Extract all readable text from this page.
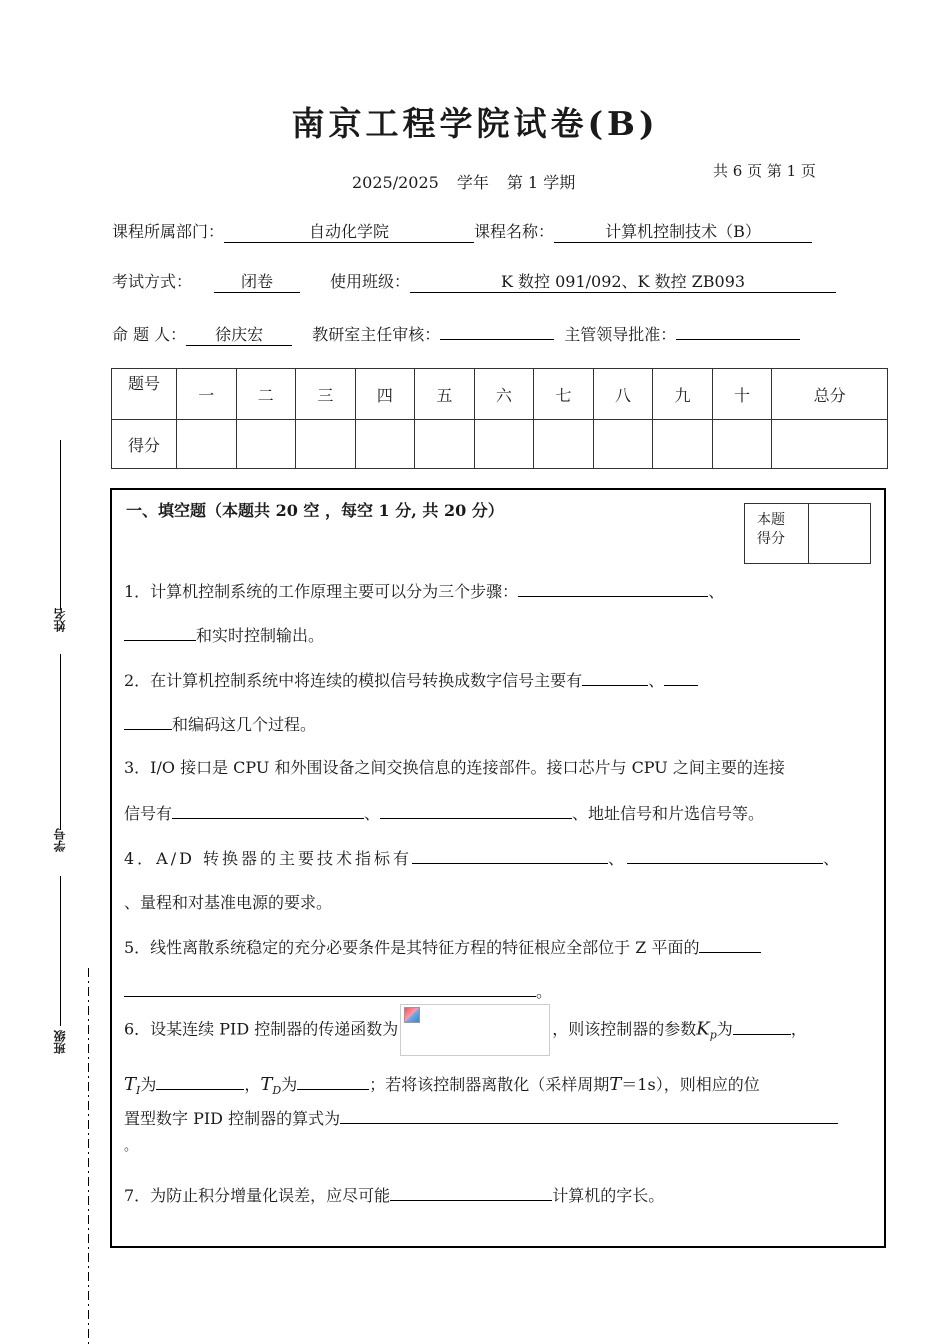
南京工程学院试卷(B)
2025/2025 学年 第 1 学期
共 6 页 第 1 页
课程所属部门：	自动化学院	课程名称：	计算机控制技术（B）
考试方式：	闭卷	使用班级：	K 数控 091/092、K 数控 ZB093
命 题 人： 徐庆宏	教研室主任审核：	主管领导批准：
题号	一	二	三	四	五	六	七	八	九	十	总分
得分											
一、填空题（本题共 20 空 ，每空 1 分, 共 20 分）	本题
得分
1．计算机控制系统的工作原理主要可以分为三个步骤：	、
和实时控制输出。
2．在计算机控制系统中将连续的模拟信号转换成数字信号主要有	、
和编码这几个过程。
3．I/O 接口是 CPU 和外围设备之间交换信息的连接部件。接口芯片与 CPU 之间主要的连接
信号有	、	、地址信号和片选信号等。
4．A/D 转换器的主要技术指标有	、	、
、量程和对基准电源的要求。
5．线性离散系统稳定的充分必要条件是其特征方程的特征根应全部位于 Z 平面的
。
6．设某连续 PID 控制器的传递函数为	，则该控制器的参数$K_p$为	，
$T_I$为	，$T_D$为	；若将该控制器离散化（采样周期T＝1s），则相应的位
置型数字 PID 控制器的算式为
。
7．为防止积分增量化误差，应尽可能	计算机的字长。
姓名
学号
班级
